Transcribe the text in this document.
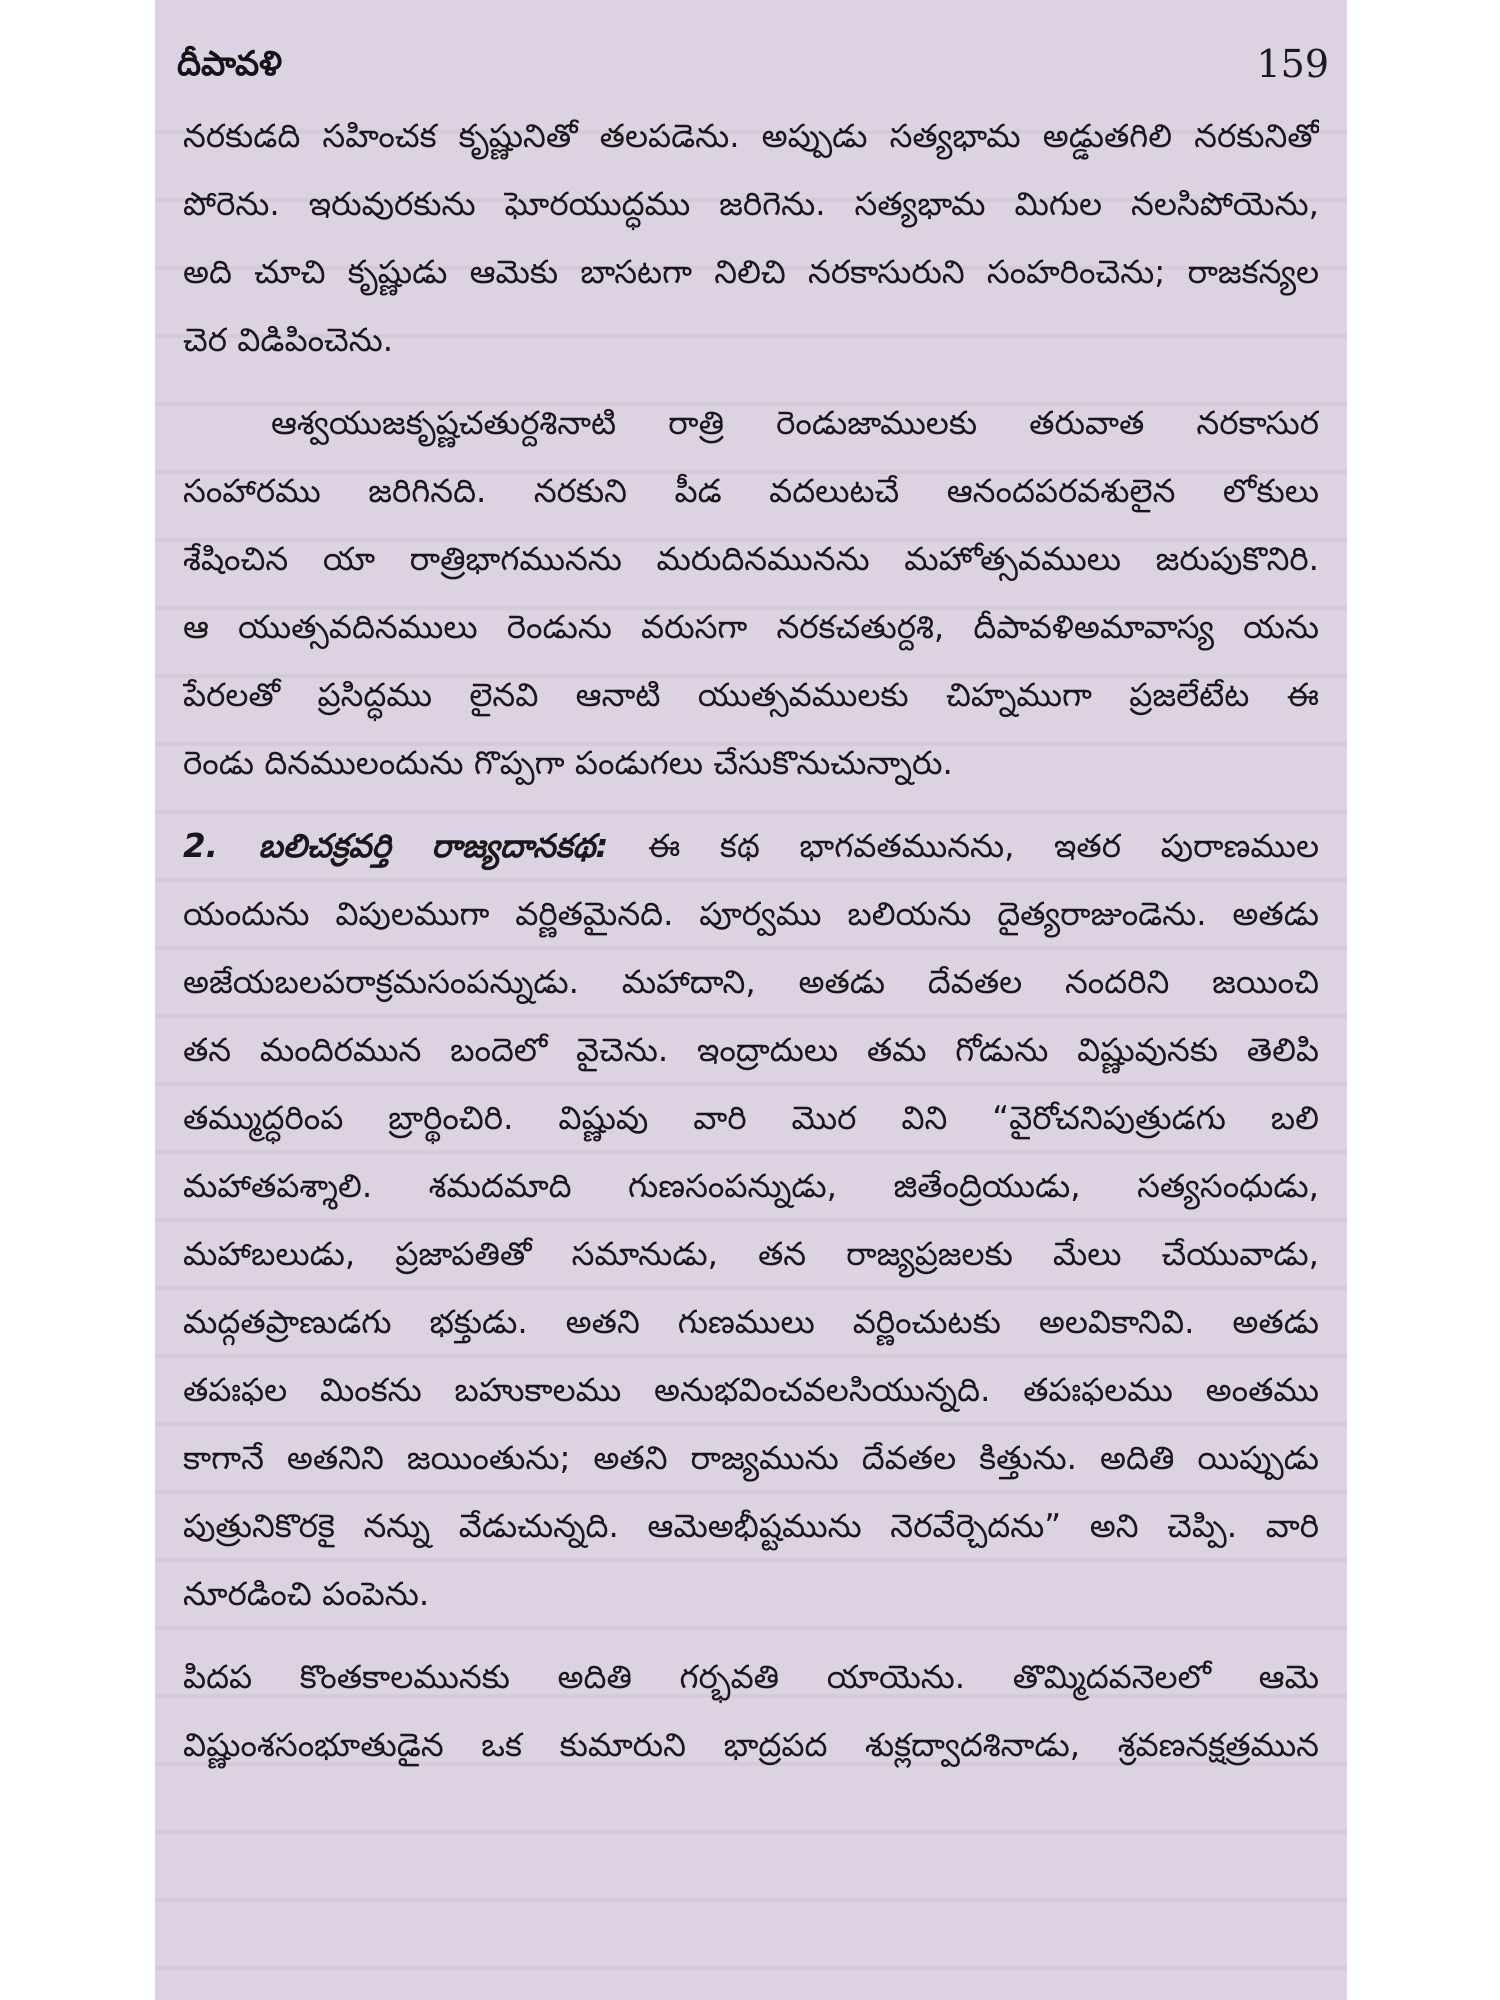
దీపావళి	159
నరకుడది సహించక కృష్ణునితో తలపడెను. అప్పుడు సత్యభామ అడ్డుతగిలి నరకునితో
పోరెను. ఇరువురకును ఘోరయుద్ధము జరిగెను. సత్యభామ మిగుల నలసిపోయెను,
అది చూచి కృష్ణుడు ఆమెకు బాసటగా నిలిచి నరకాసురుని సంహరించెను; రాజకన్యల
చెర విడిపించెను.
ఆశ్వయుజకృష్ణచతుర్దశినాటి రాత్రి రెండుజాములకు తరువాత నరకాసుర
సంహారము జరిగినది. నరకుని పీడ వదలుటచే ఆనందపరవశులైన లోకులు
శేషించిన యా రాత్రిభాగమునను మరుదినమునను మహోత్సవములు జరుపుకొనిరి.
ఆ యుత్సవదినములు రెండును వరుసగా నరకచతుర్దశి, దీపావళిఅమావాస్య యను
పేరలతో ప్రసిద్ధము లైనవి ఆనాటి యుత్సవములకు చిహ్నముగా ప్రజలేటేట ఈ
రెండు దినములందును గొప్పగా పండుగలు చేసుకొనుచున్నారు.
2. బలిచక్రవర్తి రాజ్యదానకథ: ఈ కథ భాగవతమునను, ఇతర పురాణముల
యందును విపులముగా వర్ణితమైనది. పూర్వము బలియను దైత్యరాజుండెను. అతడు
అజేయబలపరాక్రమసంపన్నుడు. మహాదాని, అతడు దేవతల నందరిని జయించి
తన మందిరమున బందెలో వైచెను. ఇంద్రాదులు తమ గోడును విష్ణువునకు తెలిపి
తమ్ముద్ధరింప బ్రార్థించిరి. విష్ణువు వారి మొర విని “వైరోచనిపుత్రుడగు బలి
మహాతపశ్శాలి. శమదమాది గుణసంపన్నుడు, జితేంద్రియుడు, సత్యసంధుడు,
మహాబలుడు, ప్రజాపతితో సమానుడు, తన రాజ్యప్రజలకు మేలు చేయువాడు,
మద్గతప్రాణుడగు భక్తుడు. అతని గుణములు వర్ణించుటకు అలవికానివి. అతడు
తపఃఫల మింకను బహుకాలము అనుభవించవలసియున్నది. తపఃఫలము అంతము
కాగానే అతనిని జయింతును; అతని రాజ్యమును దేవతల కిత్తును. అదితి యిప్పుడు
పుత్రునికొరకై నన్ను వేడుచున్నది. ఆమెఅభీష్టమును నెరవేర్చెదను” అని చెప్పి. వారి
నూరడించి పంపెను.
పిదప కొంతకాలమునకు అదితి గర్భవతి యాయెను. తొమ్మిదవనెలలో ఆమె
విష్ణుంశసంభూతుడైన ఒక కుమారుని భాద్రపద శుక్లద్వాదశినాడు, శ్రవణనక్షత్రమున
